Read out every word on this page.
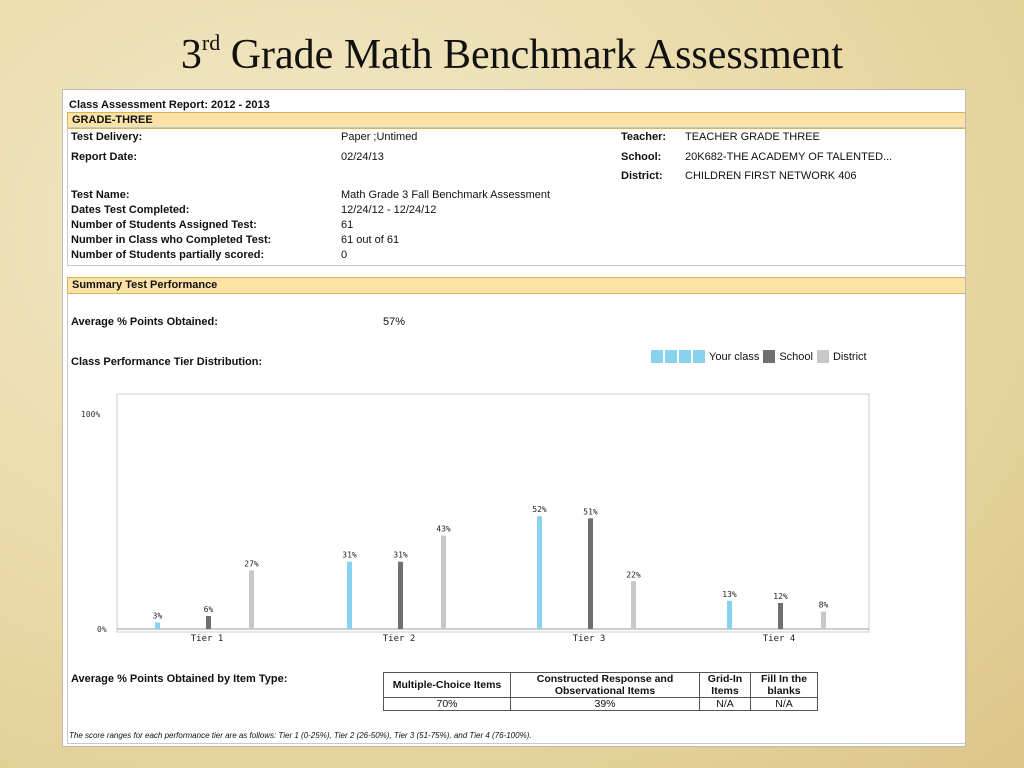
3rd Grade Math Benchmark Assessment
Class Assessment Report: 2012 - 2013
GRADE-THREE
Test Delivery:	Paper ;Untimed
Report Date:	02/24/13
Test Name:	Math Grade 3 Fall Benchmark Assessment
Dates Test Completed:	12/24/12 - 12/24/12
Number of Students Assigned Test:	61
Number in Class who Completed Test:	61 out of 61
Number of Students partially scored:	0
Teacher: TEACHER GRADE THREE
School: 20K682-THE ACADEMY OF TALENTED...
District: CHILDREN FIRST NETWORK 406
Summary Test Performance
Average % Points Obtained:	57%
Class Performance Tier Distribution:	Your class School District
100%
0%
3%
6%
27%
Tier 1
31%	31%
43%
Tier 2
52%	51%
22%
Tier 3
13%	12%
8%
Tier 4
Average % Points Obtained by Item Type:	Multiple-Choice Items	Constructed Response and Observational Items	Grid-In Items	Fill In the blanks
70%	39%	N/A	N/A
The score ranges for each performance tier are as follows: Tier 1 (0-25%), Tier 2 (26-50%), Tier 3 (51-75%), and Tier 4 (76-100%).
